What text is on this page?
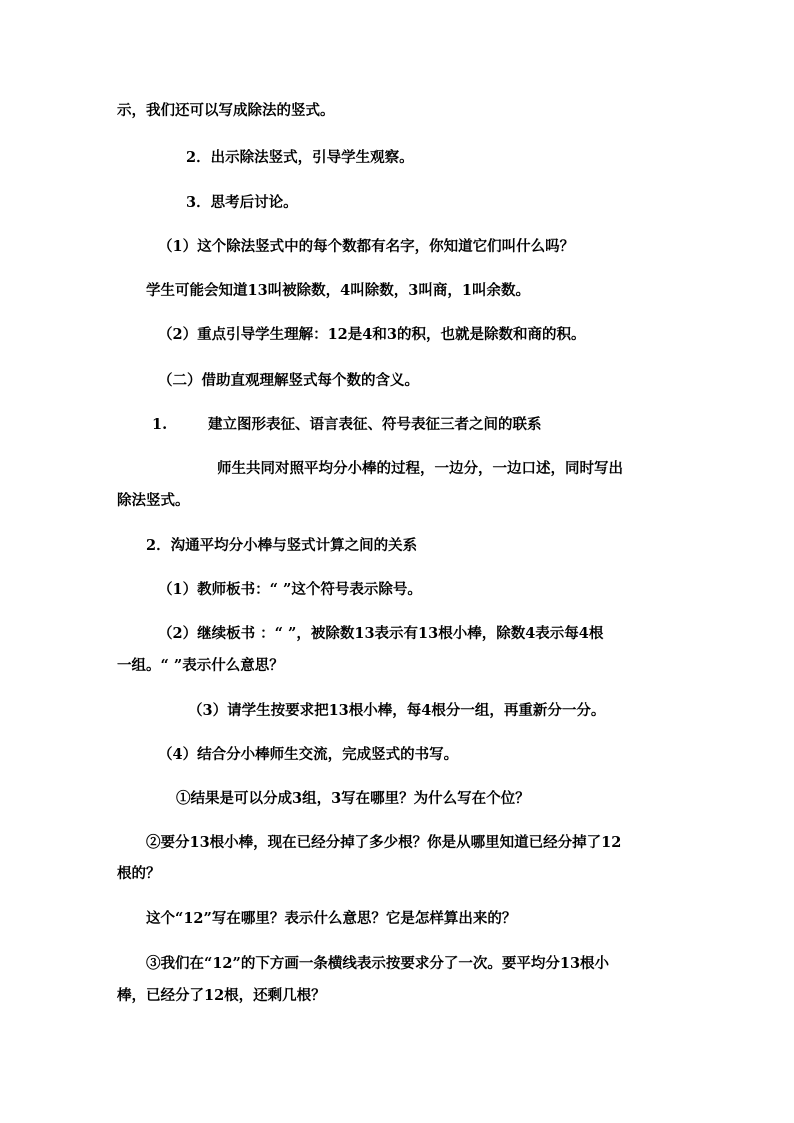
示，我们还可以写成除法的竖式。

2．出示除法竖式，引导学生观察。

3．思考后讨论。

（1）这个除法竖式中的每个数都有名字，你知道它们叫什么吗？

学生可能会知道13叫被除数，4叫除数，3叫商，1叫余数。

（2）重点引导学生理解：12是4和3的积，也就是除数和商的积。

（二）借助直观理解竖式每个数的含义。

1.	建立图形表征、语言表征、符号表征三者之间的联系

师生共同对照平均分小棒的过程，一边分，一边口述，同时写出

除法竖式。

2．沟通平均分小棒与竖式计算之间的关系

（1）教师板书：“ ”这个符号表示除号。

（2）继续板书 ：“ ”，被除数13表示有13根小棒，除数4表示每4根

一组。“ ”表示什么意思？

（3）请学生按要求把13根小棒，每4根分一组，再重新分一分。

（4）结合分小棒师生交流，完成竖式的书写。

①结果是可以分成3组，3写在哪里？为什么写在个位？

②要分13根小棒，现在已经分掉了多少根？你是从哪里知道已经分掉了12

根的？

这个“12”写在哪里？表示什么意思？它是怎样算出来的？

③我们在“12”的下方画一条横线表示按要求分了一次。要平均分13根小

棒，已经分了12根，还剩几根？
